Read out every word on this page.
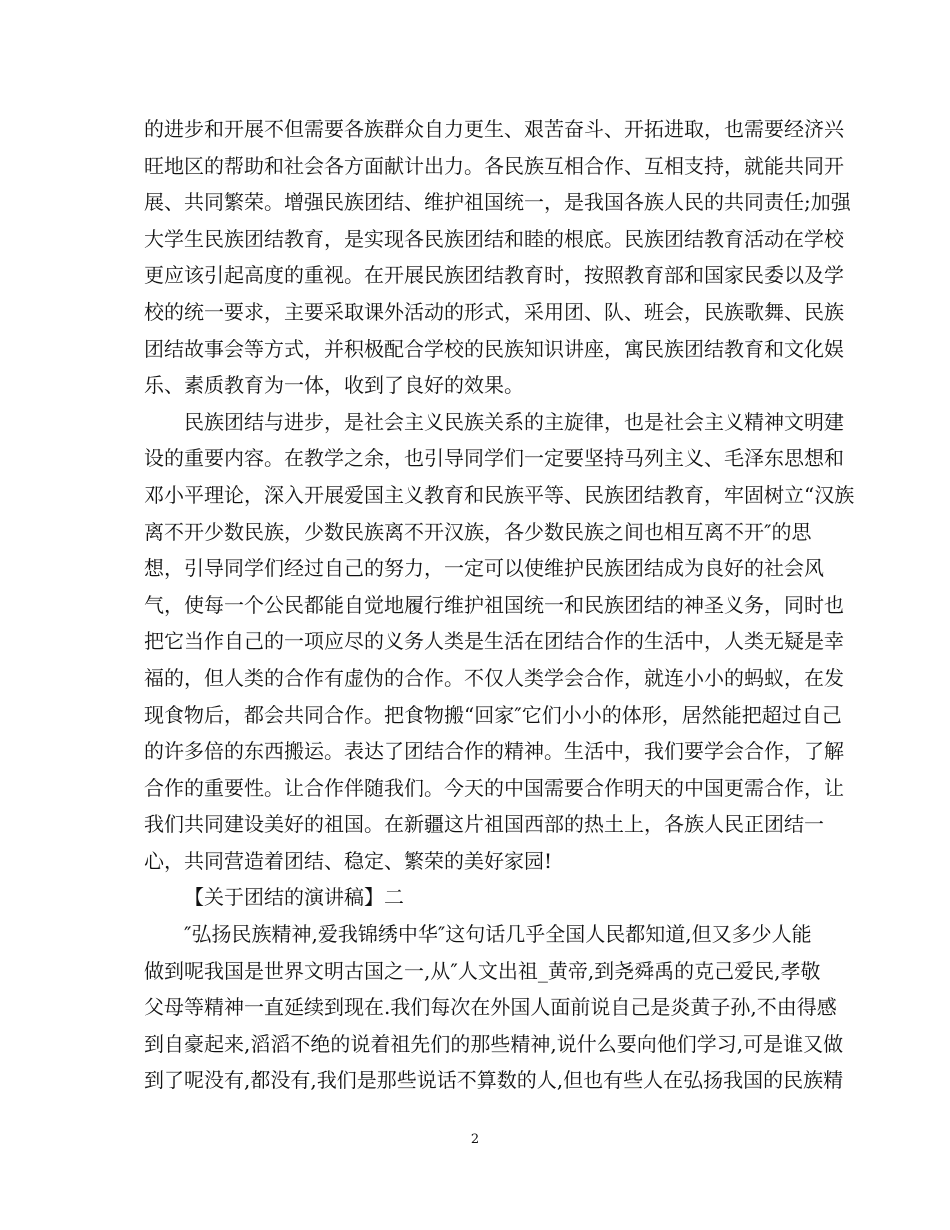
的进步和开展不但需要各族群众自力更生、艰苦奋斗、开拓进取，也需要经济兴
旺地区的帮助和社会各方面献计出力。各民族互相合作、互相支持，就能共同开
展、共同繁荣。增强民族团结、维护祖国统一，是我国各族人民的共同责任;加强
大学生民族团结教育，是实现各民族团结和睦的根底。民族团结教育活动在学校
更应该引起高度的重视。在开展民族团结教育时，按照教育部和国家民委以及学
校的统一要求，主要采取课外活动的形式，采用团、队、班会，民族歌舞、民族
团结故事会等方式，并积极配合学校的民族知识讲座，寓民族团结教育和文化娱
乐、素质教育为一体，收到了良好的效果。
民族团结与进步，是社会主义民族关系的主旋律，也是社会主义精神文明建
设的重要内容。在教学之余，也引导同学们一定要坚持马列主义、毛泽东思想和
邓小平理论，深入开展爱国主义教育和民族平等、民族团结教育，牢固树立“汉族
离不开少数民族，少数民族离不开汉族，各少数民族之间也相互离不开″的思
想，引导同学们经过自己的努力，一定可以使维护民族团结成为良好的社会风
气，使每一个公民都能自觉地履行维护祖国统一和民族团结的神圣义务，同时也
把它当作自己的一项应尽的义务人类是生活在团结合作的生活中，人类无疑是幸
福的，但人类的合作有虚伪的合作。不仅人类学会合作，就连小小的蚂蚁，在发
现食物后，都会共同合作。把食物搬“回家″它们小小的体形，居然能把超过自己
的许多倍的东西搬运。表达了团结合作的精神。生活中，我们要学会合作，了解
合作的重要性。让合作伴随我们。今天的中国需要合作明天的中国更需合作，让
我们共同建设美好的祖国。在新疆这片祖国西部的热土上，各族人民正团结一
心，共同营造着团结、稳定、繁荣的美好家园!
【关于团结的演讲稿】二
″弘扬民族精神,爱我锦绣中华″这句话几乎全国人民都知道,但又多少人能
做到呢我国是世界文明古国之一,从″人文出祖_黄帝,到尧舜禹的克己爱民,孝敬
父母等精神一直延续到现在.我们每次在外国人面前说自己是炎黄子孙,不由得感
到自豪起来,滔滔不绝的说着祖先们的那些精神,说什么要向他们学习,可是谁又做
到了呢没有,都没有,我们是那些说话不算数的人,但也有些人在弘扬我国的民族精
2
